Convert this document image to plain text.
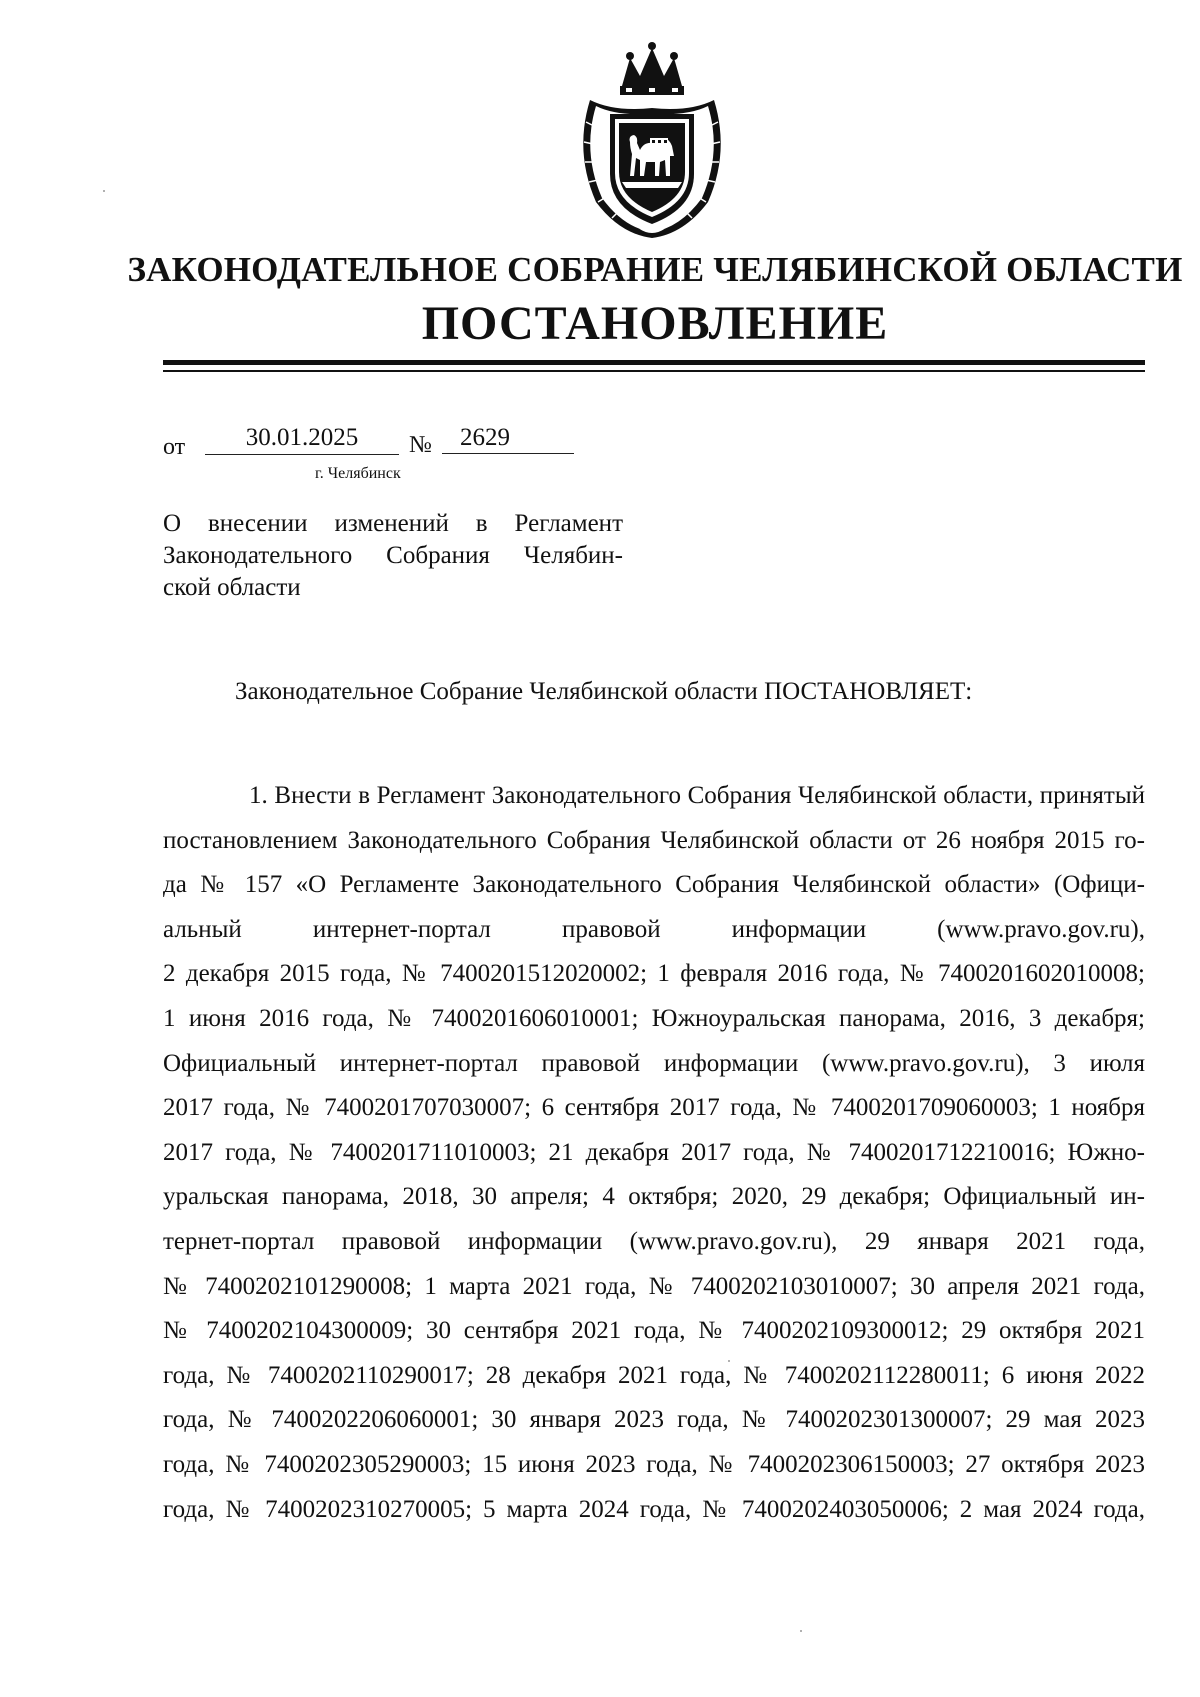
ЗАКОНОДАТЕЛЬНОЕ СОБРАНИЕ ЧЕЛЯБИНСКОЙ ОБЛАСТИ
ПОСТАНОВЛЕНИЕ
от	30.01.2025	№	2629
г. Челябинск
О внесении изменений в Регламент
Законодательного Собрания Челябин-
ской области
Законодательное Собрание Челябинской области ПОСТАНОВЛЯЕТ:
1. Внести в Регламент Законодательного Собрания Челябинской области, принятый
постановлением Законодательного Собрания Челябинской области от 26 ноября 2015 го-
да № 157 «О Регламенте Законодательного Собрания Челябинской области» (Офици-
альный интернет-портал правовой информации (www.pravo.gov.ru),
2 декабря 2015 года, № 7400201512020002; 1 февраля 2016 года, № 7400201602010008;
1 июня 2016 года, № 7400201606010001; Южноуральская панорама, 2016, 3 декабря;
Официальный интернет-портал правовой информации (www.pravo.gov.ru), 3 июля
2017 года, № 7400201707030007; 6 сентября 2017 года, № 7400201709060003; 1 ноября
2017 года, № 7400201711010003; 21 декабря 2017 года, № 7400201712210016; Южно-
уральская панорама, 2018, 30 апреля; 4 октября; 2020, 29 декабря; Официальный ин-
тернет-портал правовой информации (www.pravo.gov.ru), 29 января 2021 года,
№ 7400202101290008; 1 марта 2021 года, № 7400202103010007; 30 апреля 2021 года,
№ 7400202104300009; 30 сентября 2021 года, № 7400202109300012; 29 октября 2021
года, № 7400202110290017; 28 декабря 2021 года, № 7400202112280011; 6 июня 2022
года, № 7400202206060001; 30 января 2023 года, № 7400202301300007; 29 мая 2023
года, № 7400202305290003; 15 июня 2023 года, № 7400202306150003; 27 октября 2023
года, № 7400202310270005; 5 марта 2024 года, № 7400202403050006; 2 мая 2024 года,
